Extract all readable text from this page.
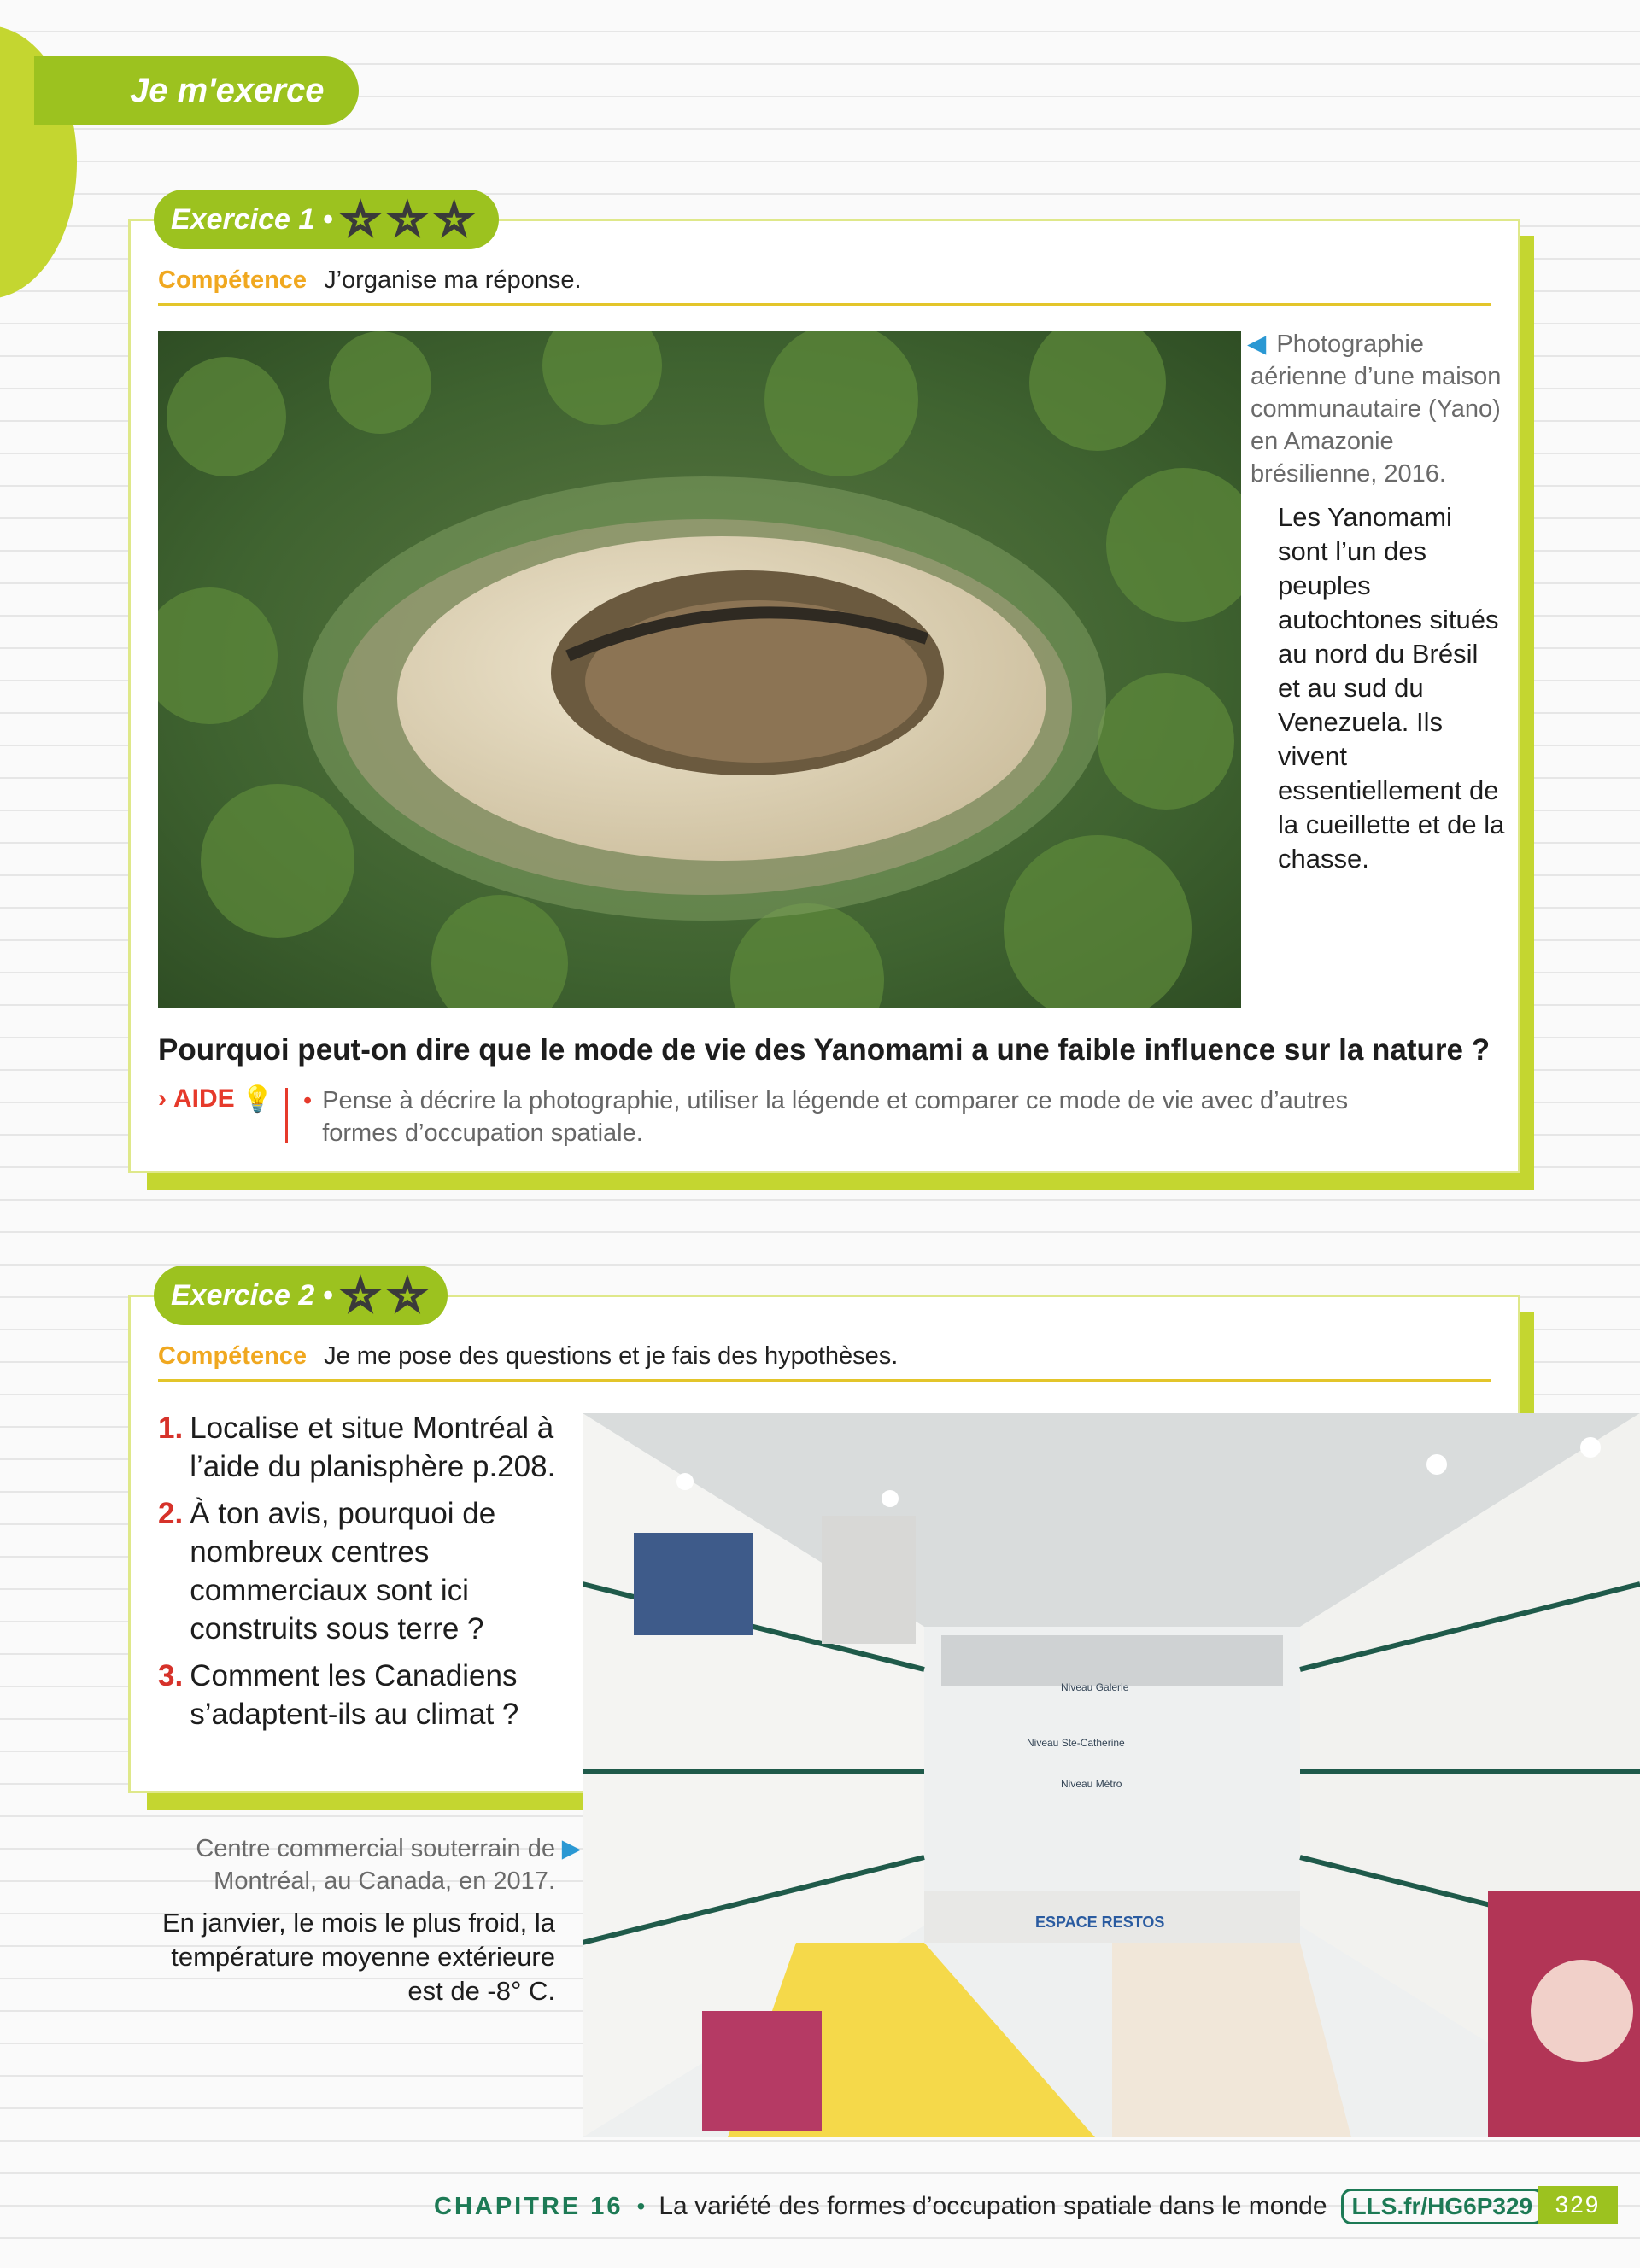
Je m'exerce
Exercice 1 • ☆ ☆ ☆
Compétence J’organise ma réponse.
◀ Photographie aérienne d’une maison communautaire (Yano) en Amazonie brésilienne, 2016.
Les Yanomami sont l’un des peuples autochtones situés au nord du Brésil et au sud du Venezuela. Ils vivent essentiellement de la cueillette et de la chasse.
Pourquoi peut-on dire que le mode de vie des Yanomami a une faible influence sur la nature ?
› AIDE 💡 • Pense à décrire la photographie, utiliser la légende et comparer ce mode de vie avec d’autres formes d’occupation spatiale.
Exercice 2 • ☆ ☆
Compétence Je me pose des questions et je fais des hypothèses.
1. Localise et situe Montréal à l’aide du planisphère p.208.
2. À ton avis, pourquoi de nombreux centres commerciaux sont ici construits sous terre ?
3. Comment les Canadiens s’adaptent-ils au climat ?
Niveau Galerie
Niveau Ste-Catherine
Niveau Métro
ESPACE RESTOS
Centre commercial souterrain de Montréal, au Canada, en 2017.
▶
En janvier, le mois le plus froid, la température moyenne extérieure est de -8° C.
CHAPITRE 16 • La variété des formes d’occupation spatiale dans le monde	LLS.fr/HG6P329 329
